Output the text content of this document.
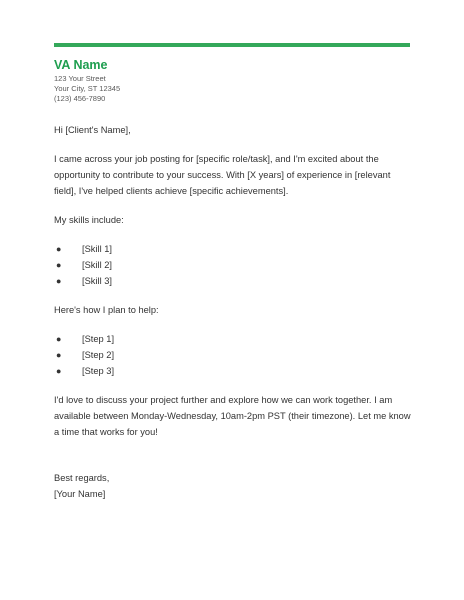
VA Name
123 Your Street
Your City, ST 12345
(123) 456-7890

Hi [Client's Name],

I came across your job posting for [specific role/task], and I'm excited about the opportunity to contribute to your success. With [X years] of experience in [relevant field], I've helped clients achieve [specific achievements].

My skills include:

● [Skill 1]
● [Skill 2]
● [Skill 3]

Here's how I plan to help:

● [Step 1]
● [Step 2]
● [Step 3]

I'd love to discuss your project further and explore how we can work together. I am available between Monday-Wednesday, 10am-2pm PST (their timezone). Let me know a time that works for you!

Best regards,

[Your Name]
